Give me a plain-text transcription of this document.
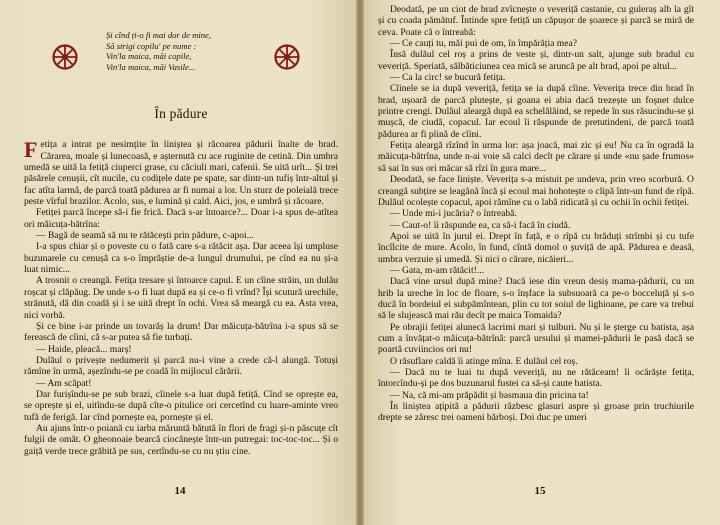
Și cînd ți-o fi mai dor de mine,
Să strigi copilu' pe nume :
Vin'la maica, măi copile,
Vin'la maica, măi Vasile...
În pădure

Fetița a intrat pe nesimțite în liniștea și răcoarea pădurii înalte de brad. Cărarea, moale și lunecoasă, e așternută cu ace ruginite de cetină. Din umbra umedă se uită la fetiță ciuperci grase, cu căciuli mari, cafenii. Se uită urît... Și trei păsărele cenușii, cît nucile, cu codițele date pe spate, sar dintr-un tufiș într-altul și fac atîta larmă, de parcă toată pădurea ar fi numai a lor. Un sturz de poleială trece peste vîrful brazilor. Acolo, sus, e lumină și cald. Aici, jos, e umbră și răcoare.

Fetiței parcă începe să-i fie frică. Dacă s-ar întoarce?... Doar i-a spus de-atîtea ori măicuța-bătrîna:

— Bagă de seamă să nu te rătăcești prin pădure, c-apoi...

I-a spus chiar și o poveste cu o fată care s-a rătăcit așa. Dar aceea își umpluse buzunarele cu cenușă ca s-o împrăștie de-a lungul drumului, pe cînd ea nu și-a luat nimic...

A trosnit o creangă. Fetița tresare și întoarce capul. E un cîine străin, un dulău roșcat și clăpăug. De unde s-o fi luat după ea și ce-o fi vrînd? Își scutură urechile, strănută, dă din coadă și i se uită drept în ochi. Vrea să meargă cu ea. Asta vrea, nici vorbă.

Și ce bine i-ar prinde un tovarăș la drum! Dar măicuța-bătrîna i-a spus să se ferească de cîini, că s-ar putea să fie turbați.

— Haide, pleacă... marș!

Dulăul o privește nedumerit și parcă nu-i vine a crede că-l alungă. Totuși rămîne în urmă, așezîndu-se pe coadă în mijlocul cărării.

— Am scăpat!

Dar furișîndu-se pe sub brazi, cîinele s-a luat după fetiță. Cînd se oprește ea, se oprește și el, uitîndu-se după cîte-o pitulice ori cercetînd cu luare-aminte vreo tufă de ferigă. Iar cînd pornește ea, pornește și el.

Au ajuns într-o poiană cu iarba măruntă bătută în flori de fragi și-n păscuțe cît fulgii de omăt. O gheonoaie bearcă ciocănește într-un putregai: toc-toc-toc... Și o gaiță verde trece grăbită pe sus, certîndu-se cu nu știu cine.

14

Deodată, pe un ciot de brad zvîcnește o veveriță castanie, cu guleraș alb la gît și cu coada pămătuf. Întinde spre fetiță un căpușor de șoarece și parcă se miră de ceva. Poate că o întreabă:

— Ce cauți tu, măi pui de om, în împărăția mea?

Însă dulăul cel roș a prins de veste și, dintr-un salt, ajunge sub bradul cu veveriță. Speriată, sălbăticiunea cea mică se aruncă pe alt brad, apoi pe altul...

— Ca la circ! se bucură fetița.

Cîinele se ia după veveriță, fetița se ia după cîine. Veverița trece din brad în brad, ușoară de parcă plutește, și goana ei abia dacă trezește un foșnet dulce printre crengi. Dulăul aleargă după ea schelălăind, se repede în sus răsucindu-se și mușcă, de ciudă, copacul. Iar ecoul îi răspunde de pretutindeni, de parcă toată pădurea ar fi plină de cîini.

Fetița aleargă rîzînd în urma lor: așa joacă, mai zic și eu! Nu ca în ogradă la măicuța-bătrîna, unde n-ai voie să calci decît pe cărare și unde «nu șade frumos» să sai în sus ori măcar să rîzi în gura mare...

Deodată, se face liniște. Veverița s-a mistuit pe undeva, prin vreo scorbură. O creangă subțire se leagănă încă și ecoul mai hohotește o clipă într-un fund de rîpă. Dulăul ocolește copacul, apoi rămîne cu o labă ridicată și cu ochii în ochii fetiței.

— Unde mi-i jucăria? o întreabă.

— Caut-o! îi răspunde ea, ca să-i facă în ciudă.

Apoi se uită în jurul ei. Drept în față, e o rîpă cu brăduți strîmbi și cu tufe încîlcite de mure. Acolo, în fund, cîntă domol o șuviță de apă. Pădurea e deasă, umbra verzuie și umedă. Și nici o cărare, nicăieri...

— Gata, m-am rătăcit!...

Dacă vine ursul după mine? Dacă iese din vreun desiș mama-pădurii, cu un hrib la ureche în loc de floare, s-o înșface la subsuoară ca pe-o bocceluță și s-o ducă în bordeiul ei subpămîntean, plin cu tot soiul de lighioane, pe care va trebui să le slujească mai rău decît pe maica Tomaida?

Pe obrajii fetiței alunecă lacrimi mari și tulburi. Nu și le șterge cu batista, așa cum a învățat-o măicuța-bătrînă: parcă ursului și mamei-pădurii le pasă dacă se poartă cuviincios ori nu!

O răsuflare caldă îi atinge mîna. E dulăul cel roș.

— Dacă nu te luai tu după veveriță, nu ne rătăceam! îi ocărăște fetița, întorcîndu-și pe dos buzunarul fustei ca să-și caute batista.

— Na, că mi-am prăpădit și basmaua din pricina ta!

În liniștea ațipită a pădurii răzbesc glasuri aspre și groase prin truchiurile drepte se zăresc trei oameni bărboși. Doi duc pe umeri

15
